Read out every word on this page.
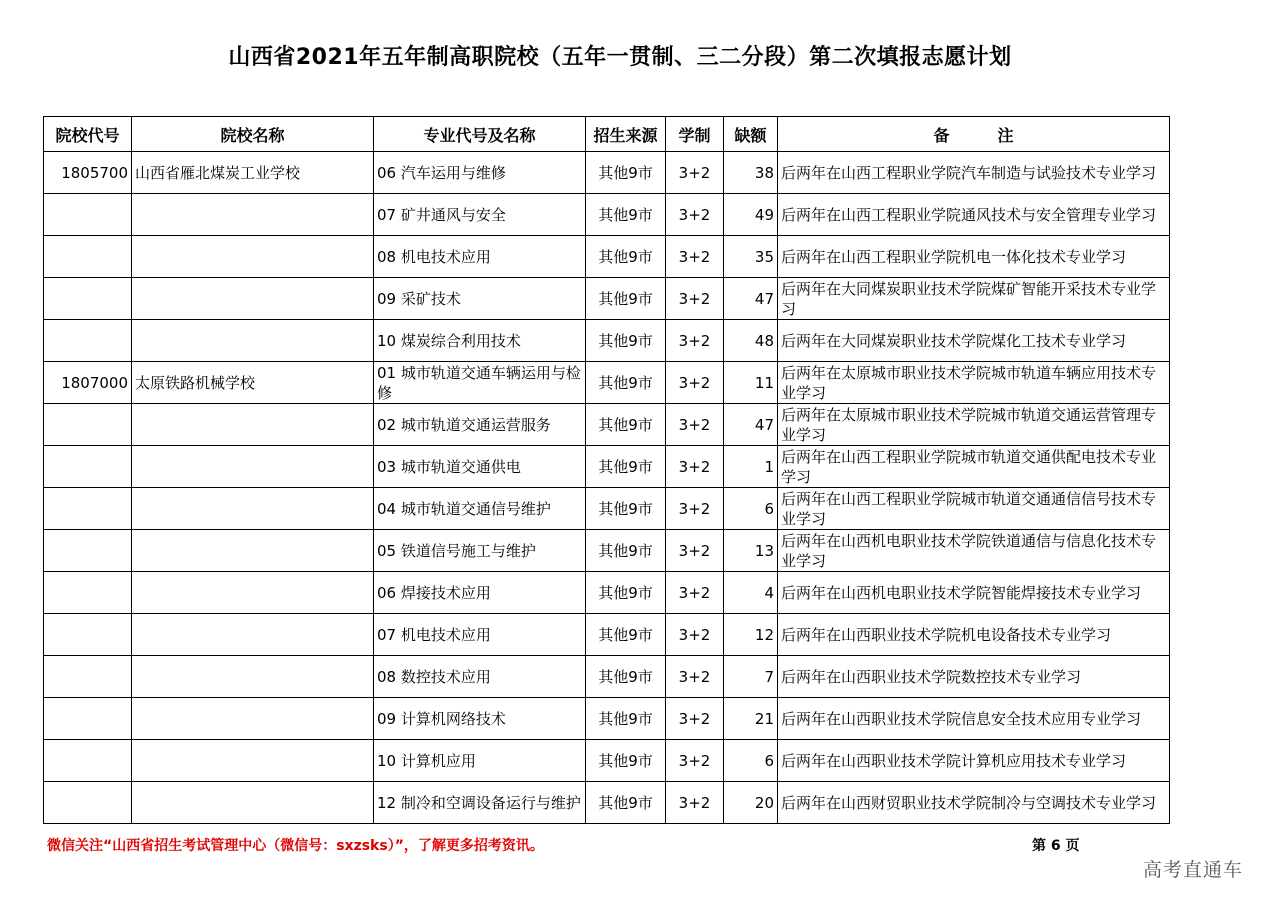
山西省2021年五年制高职院校（五年一贯制、三二分段）第二次填报志愿计划
院校代号	院校名称	专业代号及名称	招生来源	学制	缺额	备　　　注
1805700	山西省雁北煤炭工业学校	06 汽车运用与维修	其他9市	3+2	38	后两年在山西工程职业学院汽车制造与试验技术专业学习
		07 矿井通风与安全	其他9市	3+2	49	后两年在山西工程职业学院通风技术与安全管理专业学习
		08 机电技术应用	其他9市	3+2	35	后两年在山西工程职业学院机电一体化技术专业学习
		09 采矿技术	其他9市	3+2	47	后两年在大同煤炭职业技术学院煤矿智能开采技术专业学习
		10 煤炭综合利用技术	其他9市	3+2	48	后两年在大同煤炭职业技术学院煤化工技术专业学习
1807000	太原铁路机械学校	01 城市轨道交通车辆运用与检修	其他9市	3+2	11	后两年在太原城市职业技术学院城市轨道车辆应用技术专业学习
		02 城市轨道交通运营服务	其他9市	3+2	47	后两年在太原城市职业技术学院城市轨道交通运营管理专业学习
		03 城市轨道交通供电	其他9市	3+2	1	后两年在山西工程职业学院城市轨道交通供配电技术专业学习
		04 城市轨道交通信号维护	其他9市	3+2	6	后两年在山西工程职业学院城市轨道交通通信信号技术专业学习
		05 铁道信号施工与维护	其他9市	3+2	13	后两年在山西机电职业技术学院铁道通信与信息化技术专业学习
		06 焊接技术应用	其他9市	3+2	4	后两年在山西机电职业技术学院智能焊接技术专业学习
		07 机电技术应用	其他9市	3+2	12	后两年在山西职业技术学院机电设备技术专业学习
		08 数控技术应用	其他9市	3+2	7	后两年在山西职业技术学院数控技术专业学习
		09 计算机网络技术	其他9市	3+2	21	后两年在山西职业技术学院信息安全技术应用专业学习
		10 计算机应用	其他9市	3+2	6	后两年在山西职业技术学院计算机应用技术专业学习
		12 制冷和空调设备运行与维护	其他9市	3+2	20	后两年在山西财贸职业技术学院制冷与空调技术专业学习
微信关注“山西省招生考试管理中心（微信号：sxzsks）”，了解更多招考资讯。	第 6 页
高考直通车
